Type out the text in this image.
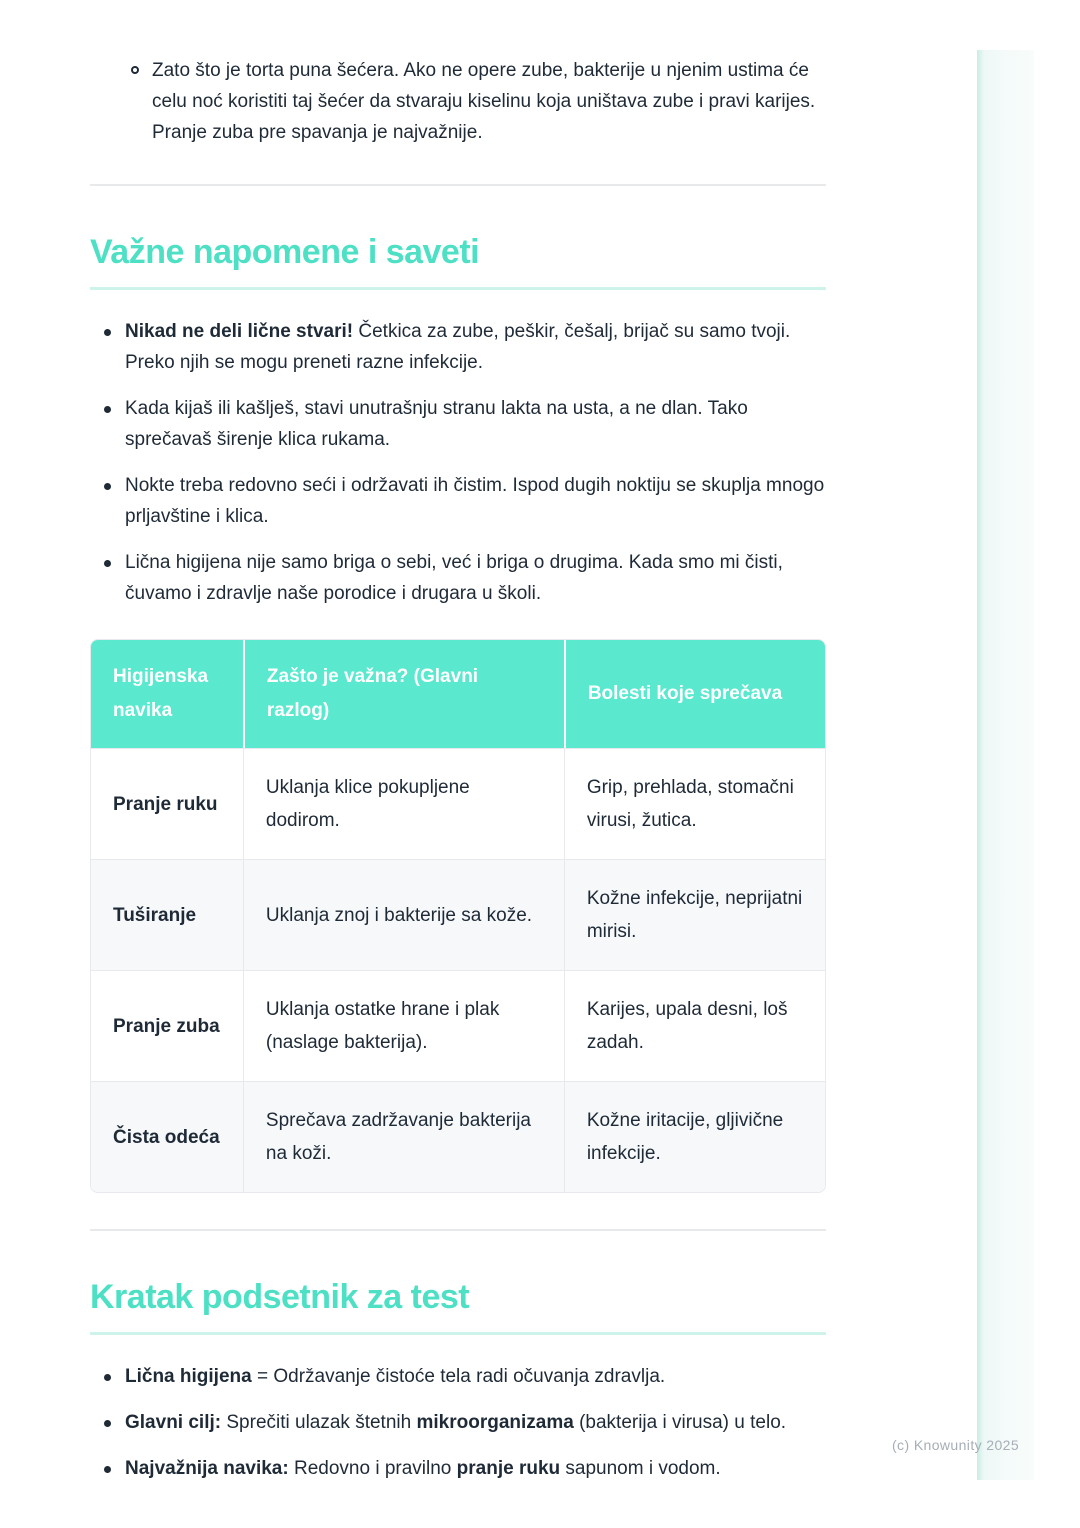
Zato što je torta puna šećera. Ako ne opere zube, bakterije u njenim ustima će celu noć koristiti taj šećer da stvaraju kiselinu koja uništava zube i pravi karijes. Pranje zuba pre spavanja je najvažnije.
Važne napomene i saveti
Nikad ne deli lične stvari! Četkica za zube, peškir, češalj, brijač su samo tvoji. Preko njih se mogu preneti razne infekcije.
Kada kijaš ili kašlješ, stavi unutrašnju stranu lakta na usta, a ne dlan. Tako sprečavaš širenje klica rukama.
Nokte treba redovno seći i održavati ih čistim. Ispod dugih noktiju se skuplja mnogo prljavštine i klica.
Lična higijena nije samo briga o sebi, već i briga o drugima. Kada smo mi čisti, čuvamo i zdravlje naše porodice i drugara u školi.
Higijenska navika	Zašto je važna? (Glavni razlog)	Bolesti koje sprečava
Pranje ruku	Uklanja klice pokupljene dodirom.	Grip, prehlada, stomačni virusi, žutica.
Tuširanje	Uklanja znoj i bakterije sa kože.	Kožne infekcije, neprijatni mirisi.
Pranje zuba	Uklanja ostatke hrane i plak (naslage bakterija).	Karijes, upala desni, loš zadah.
Čista odeća	Sprečava zadržavanje bakterija na koži.	Kožne iritacije, gljivične infekcije.
Kratak podsetnik za test
Lična higijena = Održavanje čistoće tela radi očuvanja zdravlja.
Glavni cilj: Sprečiti ulazak štetnih mikroorganizama (bakterija i virusa) u telo.
Najvažnija navika: Redovno i pravilno pranje ruku sapunom i vodom.
(c) Knowunity 2025
